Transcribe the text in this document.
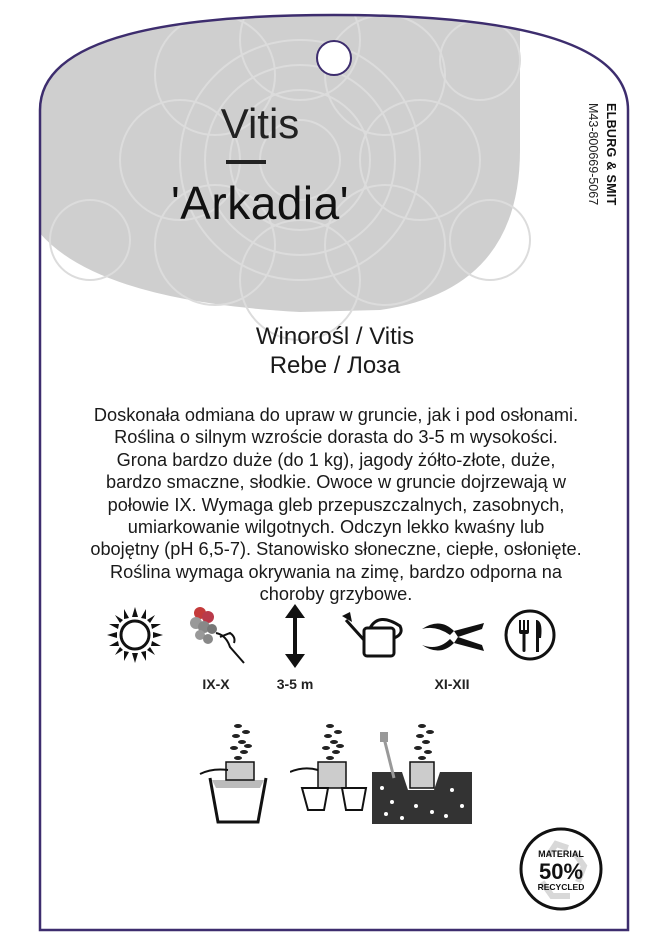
Vitis
'Arkadia'	ELBURG & SMIT
M43-800669-5067
Winorośl / Vitis
Rebe / Лоза

Doskonała odmiana do upraw w gruncie, jak i pod osłonami.

Roślina o silnym wzroście dorasta do 3-5 m wysokości.

Grona bardzo duże (do 1 kg), jagody żółto-złote, duże,

bardzo smaczne, słodkie. Owoce w gruncie dojrzewają w

połowie IX. Wymaga gleb przepuszczalnych, zasobnych,

umiarkowanie wilgotnych. Odczyn lekko kwaśny lub

obojętny (pH 6,5-7). Stanowisko słoneczne, ciepłe, osłonięte.

Roślina wymaga okrywania na zimę, bardzo odporna na

choroby grzybowe.

IX-X	3-5 m	XI-XII
MATERIAL
50%
RECYCLED
